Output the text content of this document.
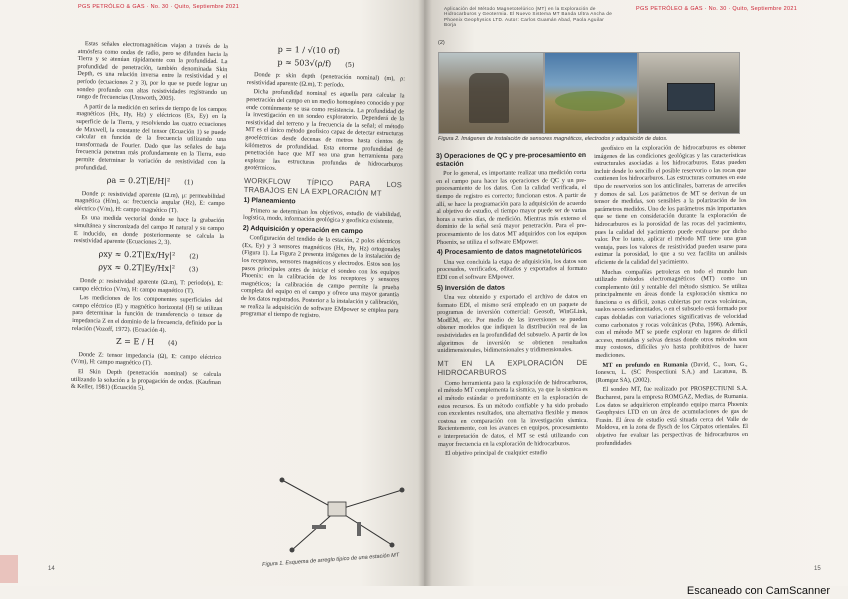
PGS PETRÓLEO & GAS · No. 30 · Quito, Septiembre 2021

Estas señales electromagnéticas viajan a través de la atmósfera como ondas de radio, pero se difunden hacia la Tierra y se atenúan rápidamente con la profundidad. La profundidad de penetración, también denominada Skin Depth, es una relación inversa entre la resistividad y el período (ecuaciones 2 y 3), por lo que se puede lograr un sondeo profundo con altas resistividades registrando un rango de frecuencias (Unsworth, 2005).

A partir de la medición en series de tiempo de los campos magnéticos (Hx, Hy, Hz) y eléctricos (Ex, Ey) en la superficie de la Tierra, y resolviendo las cuatro ecuaciones de Maxwell, la constante del tensor (Ecuación 1) se puede calcular en función de la frecuencia utilizando una transformada de Fourier. Dado que las señales de baja frecuencia penetran más profundamente en la Tierra, esto permite determinar la variación de resistividad con la profundidad.

ρa = 0.2T|E/H|² (1)

Donde ρ: resistividad aparente (Ω.m), μ: permeabilidad magnética (H/m), ω: frecuencia angular (Hz), E: campo eléctrico (V/m), H: campo magnético (T).

Es una medida vectorial donde se hace la grabación simultánea y sincronizada del campo H natural y su campo E inducido, en donde posteriormente se calcula la resistividad aparente (Ecuaciones 2, 3).

ρxy ≈ 0.2T|Ex/Hy|² (2)
ρyx ≈ 0.2T|Ey/Hx|² (3)

Donde ρ: resistividad aparente (Ω.m), T: periodo(s), E: campo eléctrico (V/m), H: campo magnético (T).

Las mediciones de los componentes superficiales del campo eléctrico (E) y magnético horizontal (H) se utilizan para determinar la función de transferencia o tensor de impedancia Z en el dominio de la frecuencia, definido por la relación (Vozoff, 1972). (Ecuación 4).

Z = E / H (4)

Donde Z: tensor impedancia (Ω), E: campo eléctrico (V/m), H: campo magnético (T).

El Skin Depth (penetración nominal) se calcula utilizando la solución a la propagación de ondas. (Kaufman & Keller, 1981) (Ecuación 5).

p = 1 / √(10 σf)
p ≈ 503√(ρ/f) (5)

Donde p: skin depth (penetración nominal) (m), ρ: resistividad aparente (Ω.m), T: período.

Dicha profundidad nominal es aquella para calcular la penetración del campo en un medio homogéneo conocido y por ende comúnmente se usa como resistencia. La profundidad de la investigación en un sondeo exploratorio. Dependerá de la resistividad del terreno y la frecuencia de la señal; el método MT es el único método geofísico capaz de detectar estructuras geoeléctricas desde decenas de metros hasta cientos de kilómetros de profundidad. Esta enorme profundidad de penetración hace que MT sea una gran herramienta para explorar las estructuras profundas de hidrocarburos geotérmicos.

WORKFLOW TÍPICO PARA LOS TRABAJOS EN LA EXPLORACIÓN MT
1) Planeamiento

Primero se determinan los objetivos, estudio de viabilidad, logística, modo, información geológica y geofísica existente.

2) Adquisición y operación en campo

Configuración del tendido de la estación, 2 polos eléctricos (Ex, Ey) y 3 sensores magnéticos (Hx, Hy, Hz) ortogonales (Figura 1). La Figura 2 presenta imágenes de la instalación de los receptores, sensores magnéticos y electrodos. Estos son los pasos principales antes de iniciar el sondeo con los equipos Phoenix: en la calibración de los receptores y sensores magnéticos; la calibración de campo permite la prueba completa del equipo en el campo y ofrece una mayor garantía de los datos registrados. Posterior a la instalación y calibración, se realiza la adquisición de software EMpower se emplea para programar el tiempo de registro.

Figura 1. Esquema de arreglo típico de una estación MT
14
Aplicación del Método Magnetotelúrico (MT) en la Exploración de Hidrocarburos y Geotermia. El Nuevo Sistema MT Banda Ultra Ancha de Phoenix Geophysics LTD. Autor: Carlos Guamán Abad, Paola Aguilar Borja
PGS PETRÓLEO & GAS · No. 30 · Quito, Septiembre 2021
(2)
Figura 2. Imágenes de instalación de sensores magnéticos, electrodos y adquisición de datos.
3) Operaciones de QC y pre-procesamiento en estación

Por lo general, es importante realizar una medición corta en el campo para hacer las operaciones de QC y un pre-procesamiento de los datos. Con la calidad verificada, el tiempo de registro es correcto; funcionan estos. A partir de allí, se hace la programación para la adquisición de acuerdo al objetivo de estudio, el tiempo mayor puede ser de varias horas a varios días, de medición. Mientras más extenso el dominio de la señal será mayor penetración. Para el pre-procesamiento de los datos MT adquiridos con los equipos Phoenix, se utiliza el software EMpower.

4) Procesamiento de datos magnetotelúricos

Una vez concluida la etapa de adquisición, los datos son procesados, verificados, editados y exportados al formato EDI con el software EMpower.

5) Inversión de datos

Una vez obtenido y exportado el archivo de datos en formato EDI, el mismo será empleado en un paquete de programas de inversión comercial: Geosoft, WinGLink, ModEM, etc. Por medio de las inversiones se pueden obtener modelos que indiquen la distribución real de las resistividades en la profundidad del subsuelo. A partir de los algoritmos de inversión se obtienen resultados unidimensionales, bidimensionales y tridimensionales.

MT EN LA EXPLORACIÓN DE HIDROCARBUROS

Como herramienta para la exploración de hidrocarburos, el método MT complementa la sísmica, ya que la sísmica es el método estándar o predominante en la exploración de estos recursos. Es un método confiable y ha sido probado con excelentes resultados, una alternativa flexible y menos costosa en comparación con la investigación sísmica. Recientemente, con los avances en equipos, procesamiento e interpretación de datos, el MT se está utilizando con mayor frecuencia en la exploración de hidrocarburos.

El objetivo principal de cualquier estudio

geofísico en la exploración de hidrocarburos es obtener imágenes de las condiciones geológicas y las características estructurales asociadas a los hidrocarburos. Estas pueden incluir desde lo sencillo el posible reservorio o las rocas que contienen los hidrocarburos. Las estructuras comunes en este tipo de reservorios son los anticlinales, barreras de arrecifes y domos de sal. Los parámetros de MT se derivan de un tensor de medidas, son sensibles a la polarización de los parámetros medidos. Uno de los parámetros más importantes que se tiene en consideración durante la exploración de hidrocarburos es la porosidad de las rocas del yacimiento, pues la calidad del yacimiento puede evaluarse por dicho valor. Por lo tanto, aplicar el método MT tiene una gran ventaja, pues los valores de resistividad pueden usarse para estimar la porosidad, lo que a su vez facilita un análisis eficiente de la calidad del yacimiento.

Muchas compañías petroleras en todo el mundo han utilizado métodos electromagnéticos (MT) como un complemento útil y rentable del método sísmico. Se utiliza principalmente en áreas donde la exploración sísmica no funciona o es difícil, zonas cubiertas por rocas volcánicas, suelos secos sedimentados, o en el subsuelo está formado por capas dobladas con variaciones significativas de velocidad como carbonatos y rocas volcánicas (Puha, 1996). Además, con el método MT se puede explorar en lugares de difícil acceso, montañas y selvas densas donde otros métodos son muy costosos, difíciles y/o hasta prohibitivos de hacer mediciones.

MT en profundo en Rumania (David, C., Ioan, G., Ionescu, L. (SC Prospectiuni S.A.) and Lacatusu, B. (Romgaz SA), (2002).

El sondeo MT, fue realizado por PROSPECTIUNI S.A. Bucharest, para la empresa ROMGAZ, Medias, de Rumania. Los datos se adquirieron empleando equipo marca Phoenix Geophysics LTD en un área de acumulaciones de gas de Frasin. El área de estudio está situada cerca del Valle de Moldova, en la zona de flysch de los Cárpatos orientales. El objetivo fue evaluar las perspectivas de hidrocarburos en profundidades

15
Escaneado con CamScanner
